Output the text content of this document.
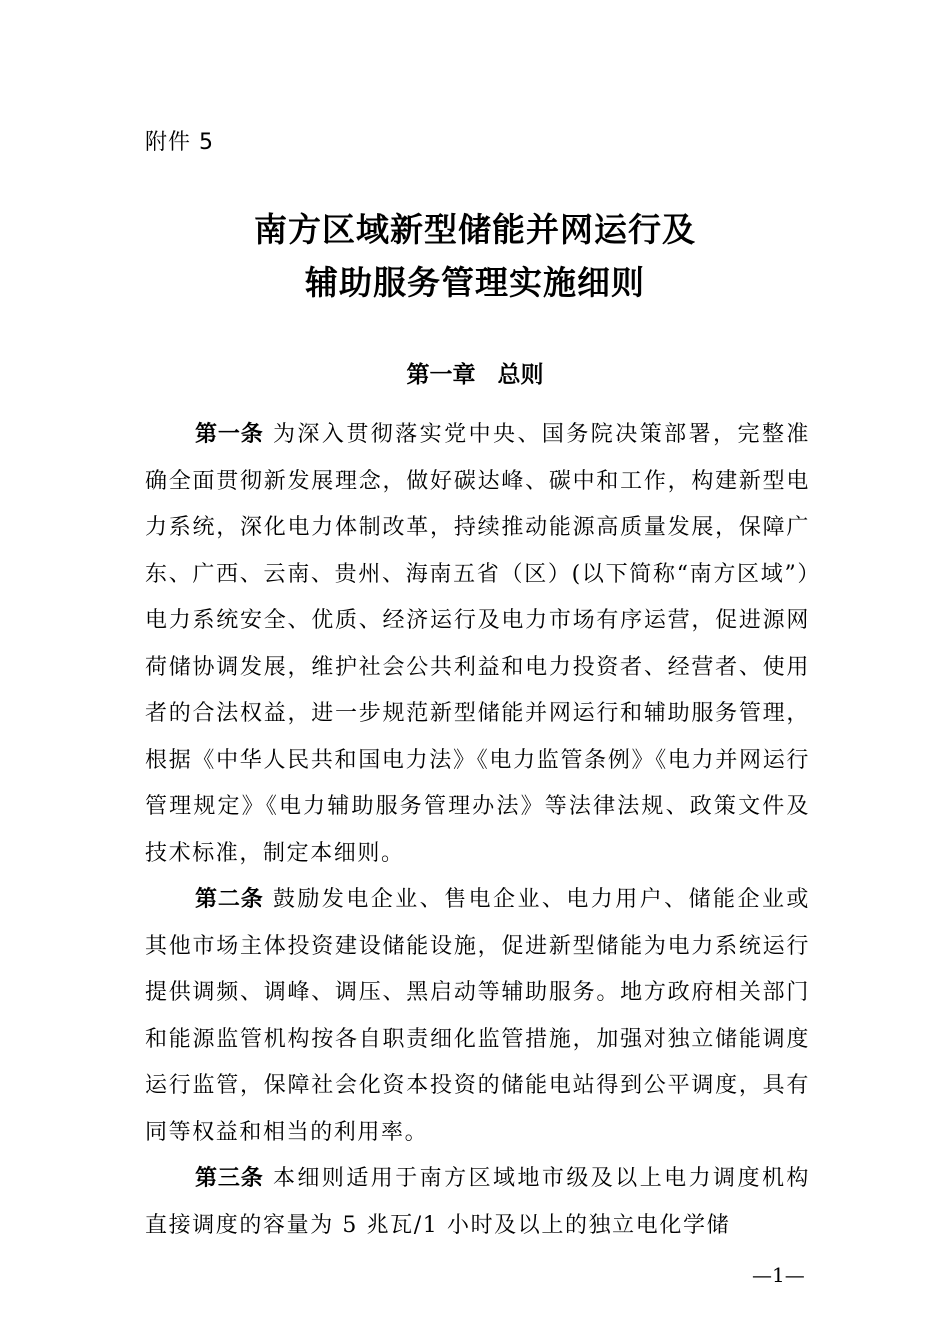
附件 5

南方区域新型储能并网运行及
辅助服务管理实施细则
第一章 总则

第一条 为深入贯彻落实党中央、国务院决策部署，完整准确全面贯彻新发展理念，做好碳达峰、碳中和工作，构建新型电力系统，深化电力体制改革，持续推动能源高质量发展，保障广东、广西、云南、贵州、海南五省（区）(以下简称“南方区域”）电力系统安全、优质、经济运行及电力市场有序运营，促进源网荷储协调发展，维护社会公共利益和电力投资者、经营者、使用者的合法权益，进一步规范新型储能并网运行和辅助服务管理，根据《中华人民共和国电力法》《电力监管条例》《电力并网运行管理规定》《电力辅助服务管理办法》等法律法规、政策文件及技术标准，制定本细则。

第二条 鼓励发电企业、售电企业、电力用户、储能企业或其他市场主体投资建设储能设施，促进新型储能为电力系统运行提供调频、调峰、调压、黑启动等辅助服务。地方政府相关部门和能源监管机构按各自职责细化监管措施，加强对独立储能调度运行监管，保障社会化资本投资的储能电站得到公平调度，具有同等权益和相当的利用率。

第三条 本细则适用于南方区域地市级及以上电力调度机构直接调度的容量为 5 兆瓦/1 小时及以上的独立电化学储

—1—
